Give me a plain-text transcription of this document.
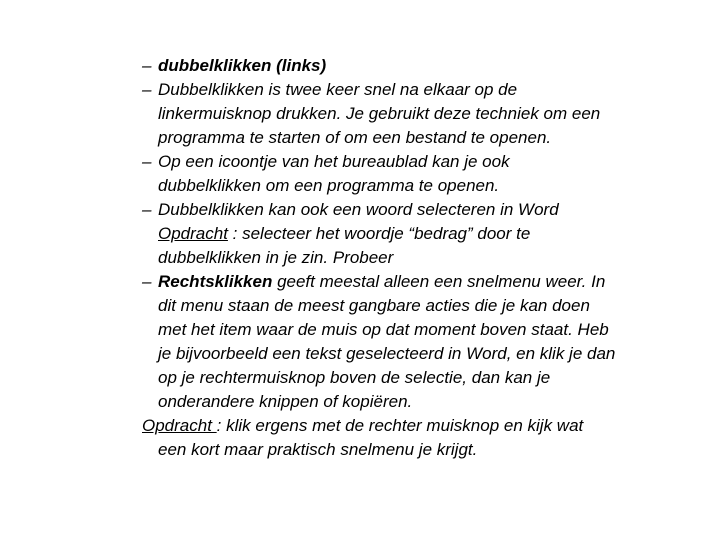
– dubbelklikken (links)
– Dubbelklikken is twee keer snel na elkaar op de
linkermuisknop drukken. Je gebruikt deze techniek om een
programma te starten of om een bestand te openen.
– Op een icoontje van het bureaublad kan je ook
dubbelklikken om een programma te openen.
– Dubbelklikken kan ook een woord selecteren in Word
Opdracht : selecteer het woordje “bedrag” door te
dubbelklikken in je zin. Probeer
– Rechtsklikken geeft meestal alleen een snelmenu weer. In
dit menu staan de meest gangbare acties die je kan doen
met het item waar de muis op dat moment boven staat. Heb
je bijvoorbeeld een tekst geselecteerd in Word, en klik je dan
op je rechtermuisknop boven de selectie, dan kan je
onderandere knippen of kopiëren.
Opdracht : klik ergens met de rechter muisknop en kijk wat
een kort maar praktisch snelmenu je krijgt.
